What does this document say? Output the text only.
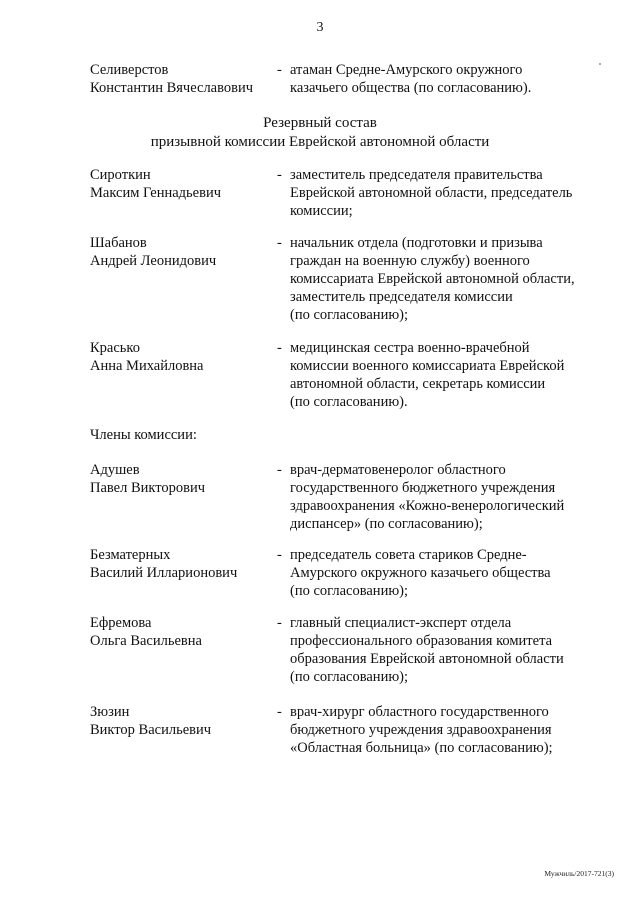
3
Селиверстов
Константин Вячеславович
- атаман Средне-Амурского окружного
казачьего общества (по согласованию).
Резервный состав
призывной комиссии Еврейской автономной области
Сироткин
Максим Геннадьевич
- заместитель председателя правительства
Еврейской автономной области, председатель
комиссии;
Шабанов
Андрей Леонидович
- начальник отдела (подготовки и призыва
граждан на военную службу) военного
комиссариата Еврейской автономной области,
заместитель председателя комиссии
(по согласованию);
Красько
Анна Михайловна
- медицинская сестра военно-врачебной
комиссии военного комиссариата Еврейской
автономной области, секретарь комиссии
(по согласованию).
Члены комиссии:
Адушев
Павел Викторович
- врач-дерматовенеролог областного
государственного бюджетного учреждения
здравоохранения «Кожно-венерологический
диспансер» (по согласованию);
Безматерных
Василий Илларионович
- председатель совета стариков Средне-
Амурского окружного казачьего общества
(по согласованию);
Ефремова
Ольга Васильевна
- главный специалист-эксперт отдела
профессионального образования комитета
образования Еврейской автономной области
(по согласованию);
Зюзин
Виктор Васильевич
- врач-хирург областного государственного
бюджетного учреждения здравоохранения
«Областная больница» (по согласованию);
Мужчиль/2017-721(3)
